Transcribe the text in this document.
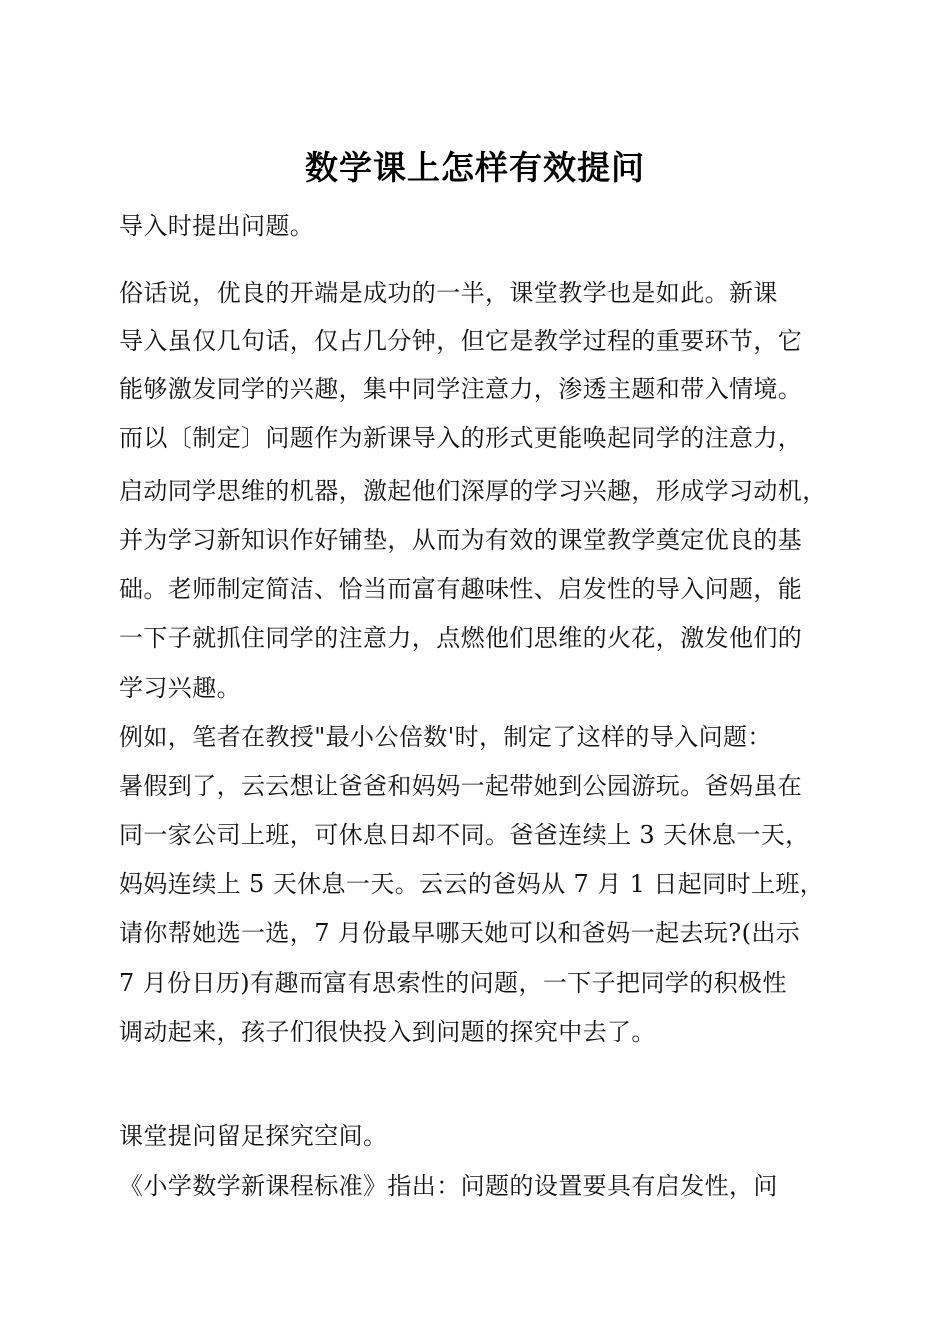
数学课上怎样有效提问
导入时提出问题。
俗话说，优良的开端是成功的一半，课堂教学也是如此。新课
导入虽仅几句话，仅占几分钟，但它是教学过程的重要环节，它
能够激发同学的兴趣，集中同学注意力，渗透主题和带入情境。
而以〔制定〕问题作为新课导入的形式更能唤起同学的注意力，
启动同学思维的机器，激起他们深厚的学习兴趣，形成学习动机，
并为学习新知识作好铺垫，从而为有效的课堂教学奠定优良的基
础。老师制定简洁、恰当而富有趣味性、启发性的导入问题，能
一下子就抓住同学的注意力，点燃他们思维的火花，激发他们的
学习兴趣。
例如，笔者在教授"最小公倍数'时，制定了这样的导入问题：
暑假到了，云云想让爸爸和妈妈一起带她到公园游玩。爸妈虽在
同一家公司上班，可休息日却不同。爸爸连续上 3 天休息一天，
妈妈连续上 5 天休息一天。云云的爸妈从 7 月 1 日起同时上班，
请你帮她选一选，7 月份最早哪天她可以和爸妈一起去玩?(出示
7 月份日历)有趣而富有思索性的问题，一下子把同学的积极性
调动起来，孩子们很快投入到问题的探究中去了。
课堂提问留足探究空间。
《小学数学新课程标准》指出：问题的设置要具有启发性，问
